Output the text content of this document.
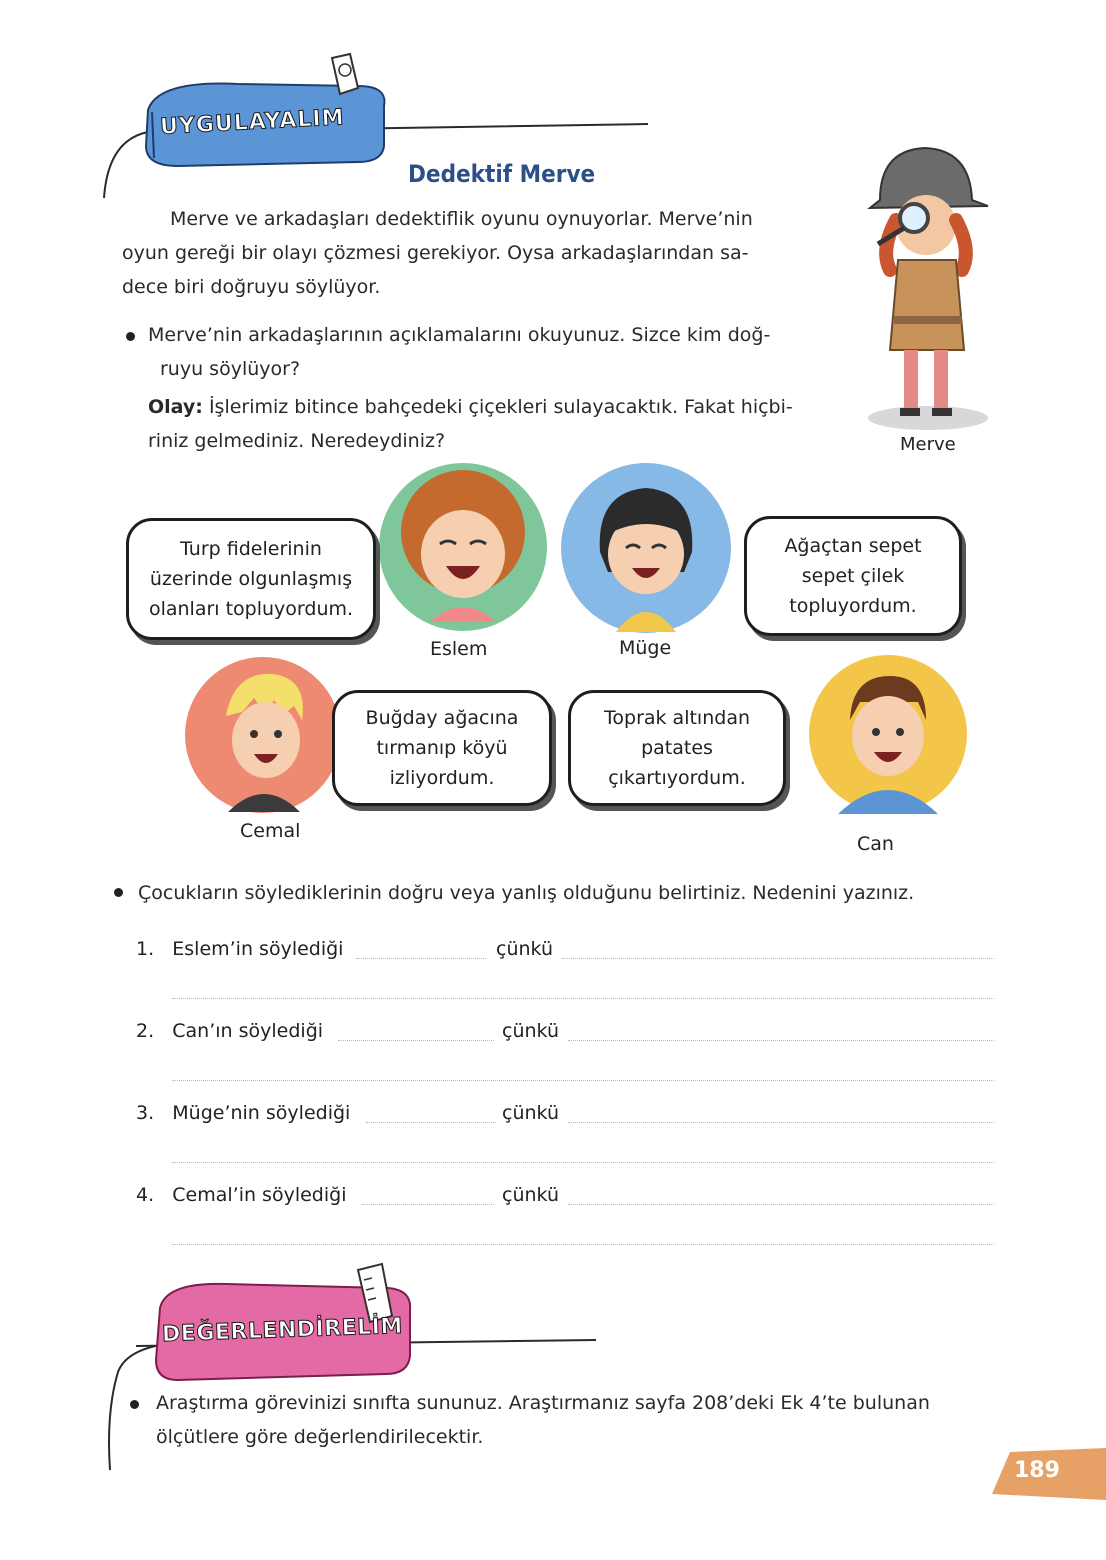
UYGULAYALIM
Dedektif Merve
Merve ve arkadaşları dedektiflik oyunu oynuyorlar. Merve’nin
oyun gereği bir olayı çözmesi gerekiyor. Oysa arkadaşlarından sa-
dece biri doğruyu söylüyor.
Merve’nin arkadaşlarının açıklamalarını okuyunuz. Sizce kim doğ-
ruyu söylüyor?
Olay: İşlerimiz bitince bahçedeki çiçekleri sulayacaktık. Fakat hiçbi-
riniz gelmediniz. Neredeydiniz?	Merve
Turp fidelerinin
üzerinde olgunlaşmış
olanları topluyordum.
Eslem
Ağaçtan sepet
sepet çilek
topluyordum.
Müge
Buğday ağacına
tırmanıp köyü
izliyordum.
Cemal
Toprak altından
patates
çıkartıyordum.
Can
Çocukların söylediklerinin doğru veya yanlış olduğunu belirtiniz. Nedenini yazınız.
1. Eslem’in söylediği	çünkü
2. Can’ın söylediği	çünkü
3. Müge’nin söylediği	çünkü
4. Cemal’in söylediği	çünkü
DEĞERLENDİRELİM
Araştırma görevinizi sınıfta sununuz. Araştırmanız sayfa 208’deki Ek 4’te bulunan
ölçütlere göre değerlendirilecektir.
189
